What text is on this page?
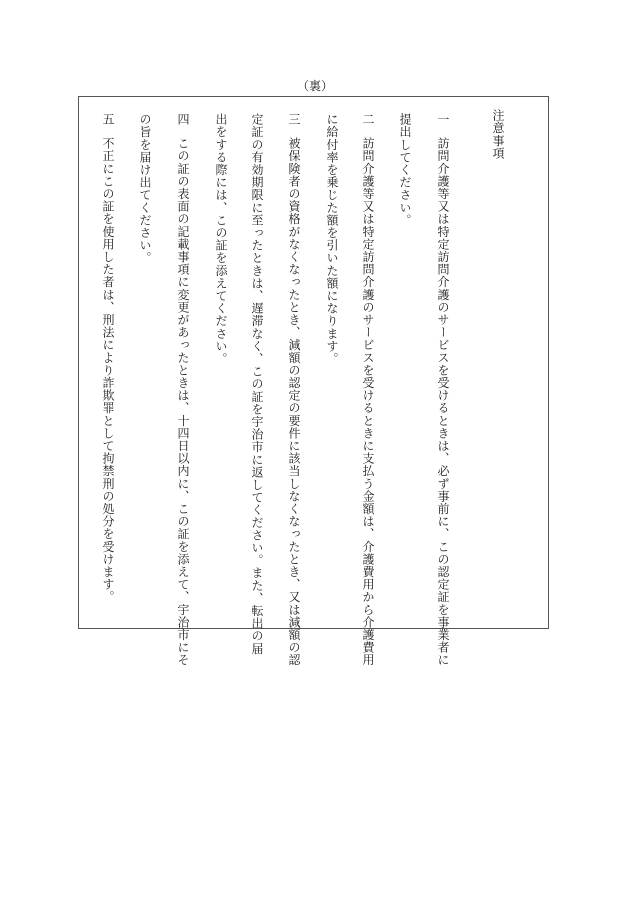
（裏）
注意事項
一
訪問介護等又は特定訪問介護のサービスを受けるときは、必ず事前に、この認定証を事業者に
提出してください。
二
訪問介護等又は特定訪問介護のサービスを受けるときに支払う金額は、介護費用から介護費用
に給付率を乗じた額を引いた額になります。
三
被保険者の資格がなくなったとき、減額の認定の要件に該当しなくなったとき、又は減額の認
定証の有効期限に至ったときは、遅滞なく、この証を宇治市に返してください。また、転出の届
出をする際には、この証を添えてください。
四
この証の表面の記載事項に変更があったときは、十四日以内に、この証を添えて、宇治市にそ
の旨を届け出てください。
五
不正にこの証を使用した者は、刑法により詐欺罪として拘禁刑の処分を受けます。
